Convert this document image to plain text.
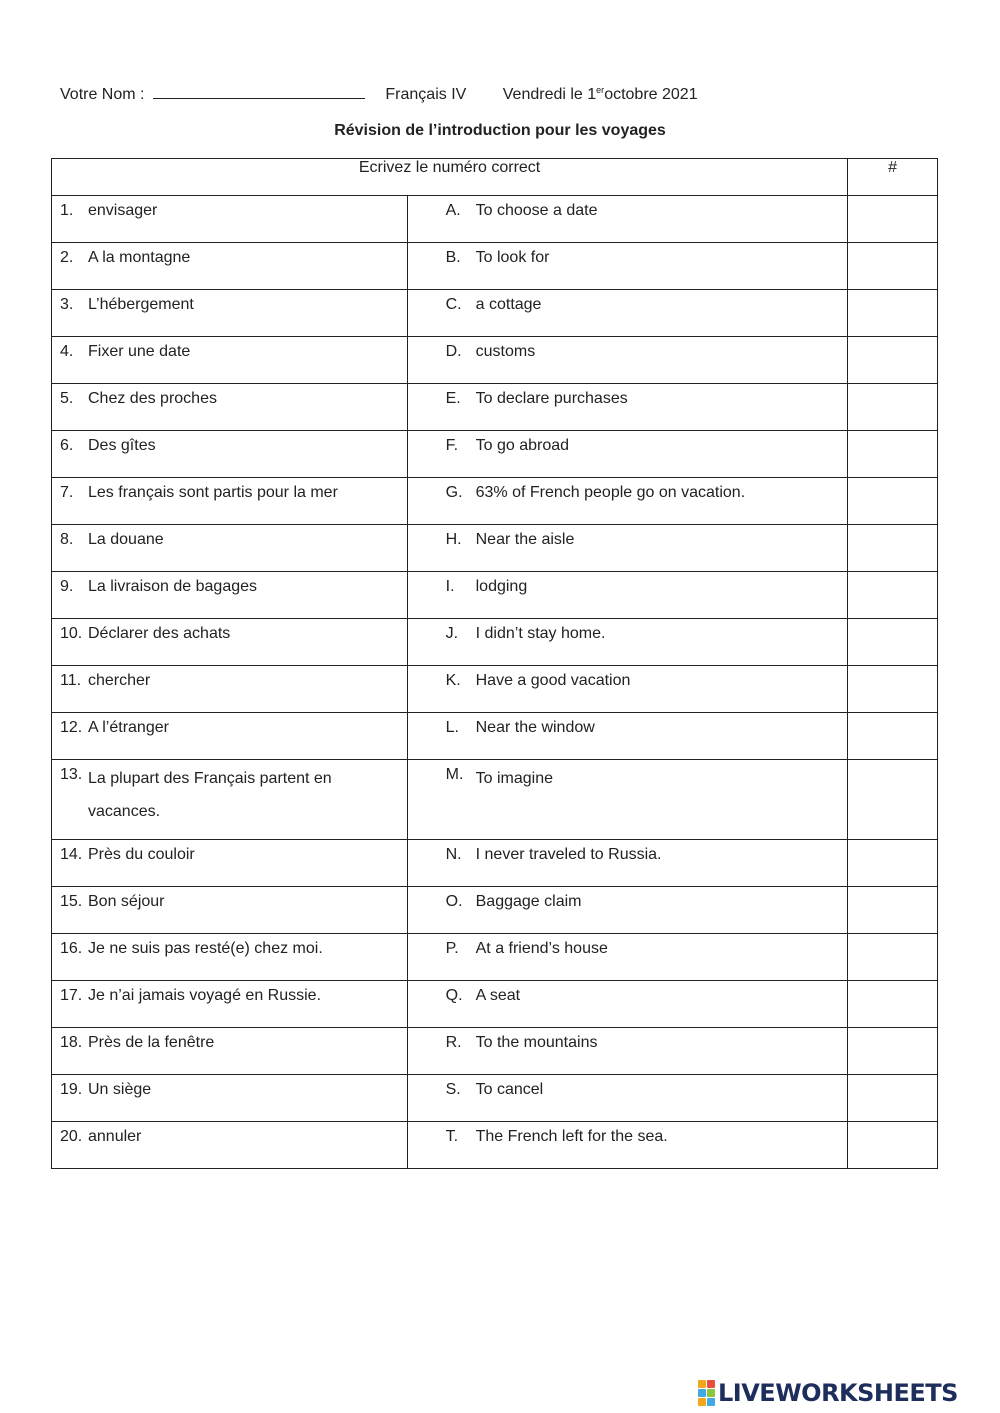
Votre Nom :	Français IV Vendredi le 1eroctobre 2021
Révision de l’introduction pour les voyages
Ecrivez le numéro correct		#

1. envisager	A. To choose a date	

2. A la montagne	B. To look for	

3. L’hébergement	C. a cottage	

4. Fixer une date	D. customs	

5. Chez des proches	E. To declare purchases	

6. Des gîtes	F. To go abroad	

7. Les français sont partis pour la mer	G. 63% of French people go on vacation.	

8. La douane	H. Near the aisle	

9. La livraison de bagages	I. lodging	

10. Déclarer des achats	J. I didn’t stay home.	

11. chercher	K. Have a good vacation	

12. A l’étranger	L. Near the window	

13. La plupart des Français partent en vacances.	M. To imagine	

14. Près du couloir	N. I never traveled to Russia.	

15. Bon séjour	O. Baggage claim	

16. Je ne suis pas resté(e) chez moi.	P. At a friend’s house	

17. Je n’ai jamais voyagé en Russie.	Q. A seat	

18. Près de la fenêtre	R. To the mountains	

19. Un siège	S. To cancel	

20. annuler	T. The French left for the sea.	

LIVEWORKSHEETS
